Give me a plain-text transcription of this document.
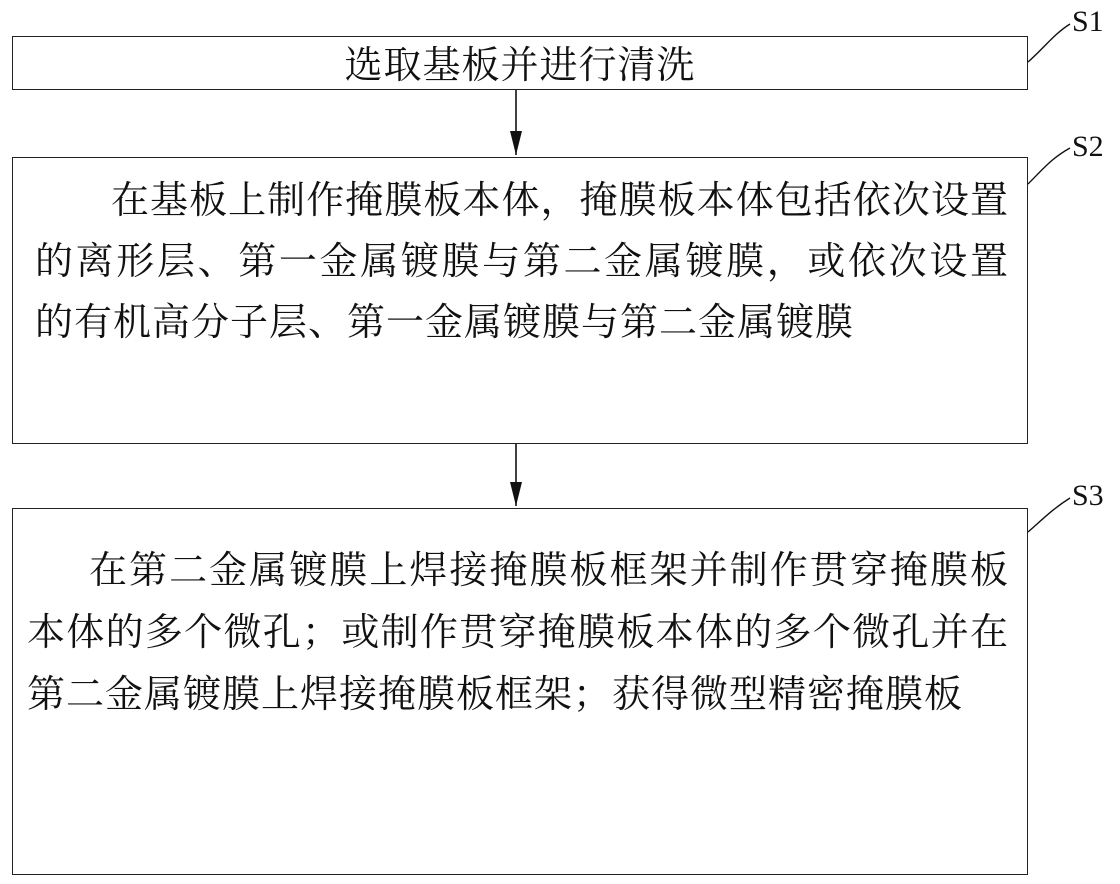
选取基板并进行清洗
在基板上制作掩膜板本体，掩膜板本体包括依次设置的离形层、第一金属镀膜与第二金属镀膜，或依次设置的有机高分子层、第一金属镀膜与第二金属镀膜
在第二金属镀膜上焊接掩膜板框架并制作贯穿掩膜板本体的多个微孔；或制作贯穿掩膜板本体的多个微孔并在第二金属镀膜上焊接掩膜板框架；获得微型精密掩膜板
S1
S2
S3
